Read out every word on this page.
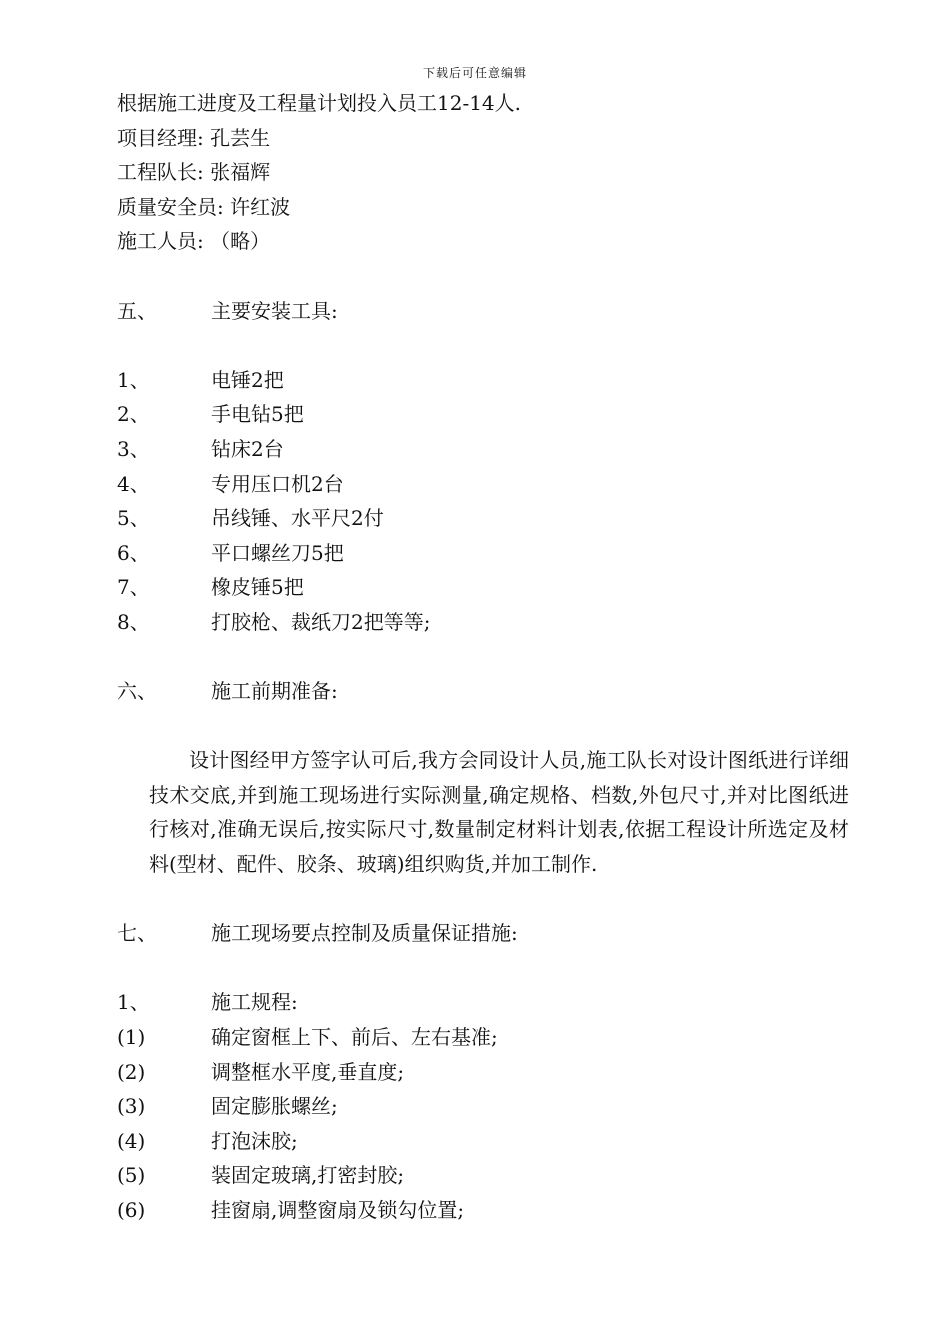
下载后可任意编辑
根据施工进度及工程量计划投入员工12-14人.
项目经理: 孔芸生
工程队长: 张福辉
质量安全员: 许红波
施工人员: （略）
五、	主要安装工具:
1、	电锤2把
2、	手电钻5把
3、	钻床2台
4、	专用压口机2台
5、	吊线锤、水平尺2付
6、	平口螺丝刀5把
7、	橡皮锤5把
8、	打胶枪、裁纸刀2把等等;
六、	施工前期准备:

设计图经甲方签字认可后,我方会同设计人员,施工队长对设计图纸进行详细技术交底,并到施工现场进行实际测量,确定规格、档数,外包尺寸,并对比图纸进行核对,准确无误后,按实际尺寸,数量制定材料计划表,依据工程设计所选定及材料(型材、配件、胶条、玻璃)组织购货,并加工制作.

七、	施工现场要点控制及质量保证措施:
1、	施工规程:
(1)	确定窗框上下、前后、左右基准;
(2)	调整框水平度,垂直度;
(3)	固定膨胀螺丝;
(4)	打泡沫胶;
(5)	装固定玻璃,打密封胶;
(6)	挂窗扇,调整窗扇及锁勾位置;
